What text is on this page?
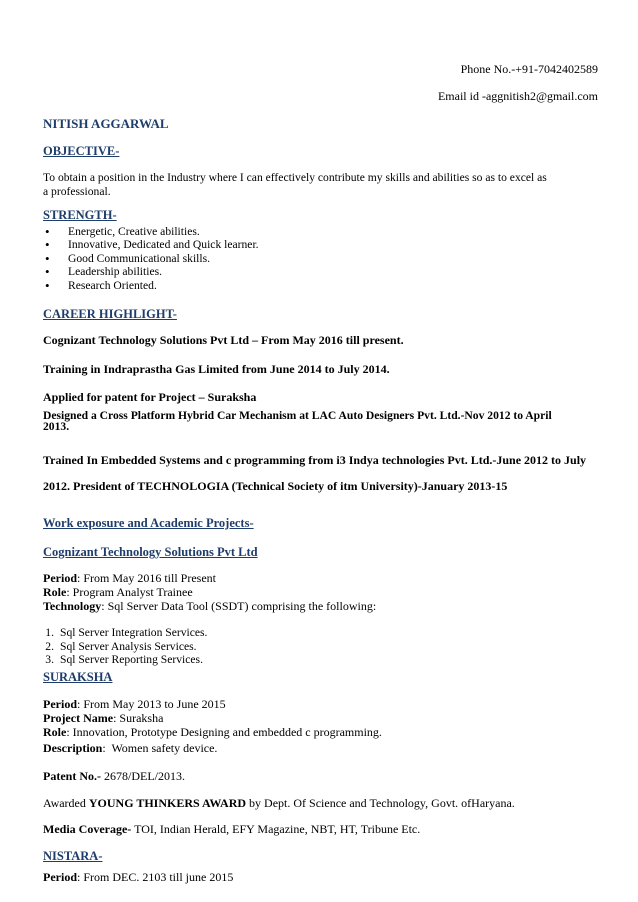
Phone No.-+91-7042402589
Email id -aggnitish2@gmail.com
NITISH AGGARWAL
OBJECTIVE-
To obtain a position in the Industry where I can effectively contribute my skills and abilities so as to excel as a professional.
STRENGTH-
• Energetic, Creative abilities.
• Innovative, Dedicated and Quick learner.
• Good Communicational skills.
• Leadership abilities.
• Research Oriented.
CAREER HIGHLIGHT-
Cognizant Technology Solutions Pvt Ltd – From May 2016 till present.
Training in Indraprastha Gas Limited from June 2014 to July 2014.
Applied for patent for Project – Suraksha
Designed a Cross Platform Hybrid Car Mechanism at LAC Auto Designers Pvt. Ltd.-Nov 2012 to April 2013.
Trained In Embedded Systems and c programming from i3 Indya technologies Pvt. Ltd.-June 2012 to July
2012. President of TECHNOLOGIA (Technical Society of itm University)-January 2013-15
Work exposure and Academic Projects-
Cognizant Technology Solutions Pvt Ltd
Period: From May 2016 till Present
Role: Program Analyst Trainee
Technology: Sql Server Data Tool (SSDT) comprising the following:
1. Sql Server Integration Services.
2. Sql Server Analysis Services.
3. Sql Server Reporting Services.
SURAKSHA
Period: From May 2013 to June 2015
Project Name: Suraksha
Role: Innovation, Prototype Designing and embedded c programming.
Description:  Women safety device.
Patent No.- 2678/DEL/2013.
Awarded YOUNG THINKERS AWARD by Dept. Of Science and Technology, Govt. ofHaryana.
Media Coverage- TOI, Indian Herald, EFY Magazine, NBT, HT, Tribune Etc.
NISTARA-
Period: From DEC. 2103 till june 2015
